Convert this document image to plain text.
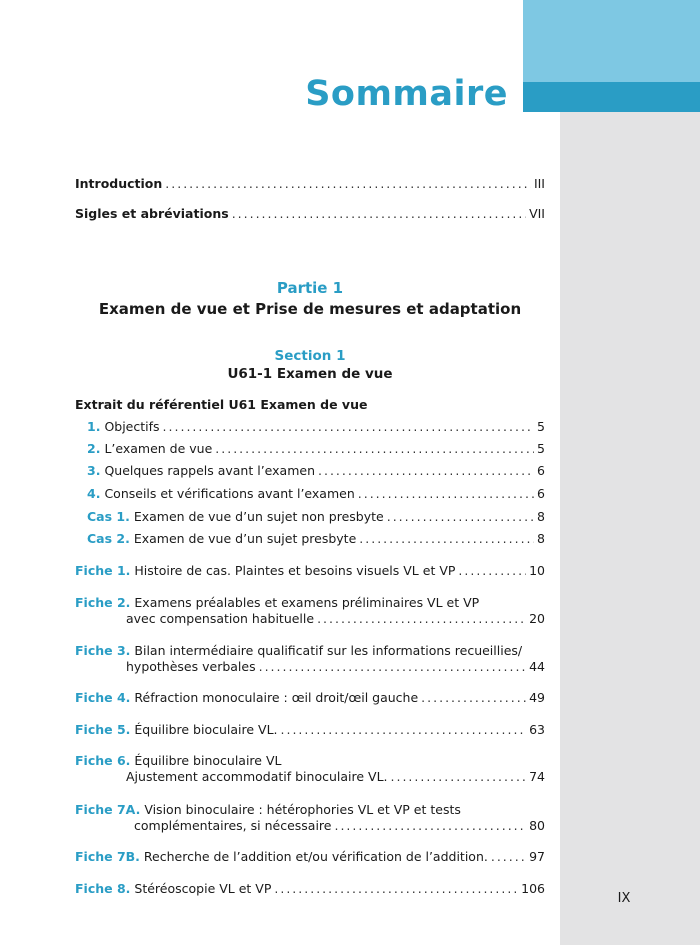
Sommaire
Introduction .....	III
Sigles et abréviations .....	VII
Partie 1
Examen de vue et Prise de mesures et adaptation
Section 1
U61-1 Examen de vue
Extrait du référentiel U61 Examen de vue
1.
Objectifs .....	5
2.
L’examen de vue .....	5
3.
Quelques rappels avant l’examen .....	6
4.
Conseils et vérifications avant l’examen .....	6
Cas 1.
Examen de vue d’un sujet non presbyte .....	8
Cas 2.
Examen de vue d’un sujet presbyte .....	8
Fiche 1.
Histoire de cas. Plaintes et besoins visuels VL et VP .....	10
Fiche 2. Examens préalables et examens préliminaires VL et VP
avec compensation habituelle .....	20
Fiche 3. Bilan intermédiaire qualificatif sur les informations recueillies/
hypothèses verbales .....	44
Fiche 4.
Réfraction monoculaire : œil droit/œil gauche .....	49
Fiche 5.
Équilibre bioculaire VL. .....	63
Fiche 6. Équilibre binoculaire VL
Ajustement accommodatif binoculaire VL. .....	74
Fiche 7A. Vision binoculaire : hétérophories VL et VP et tests
complémentaires, si nécessaire .....	80
Fiche 7B.
Recherche de l’addition et/ou vérification de l’addition. .....	97
Fiche 8.
Stéréoscopie VL et VP .....	106
IX
